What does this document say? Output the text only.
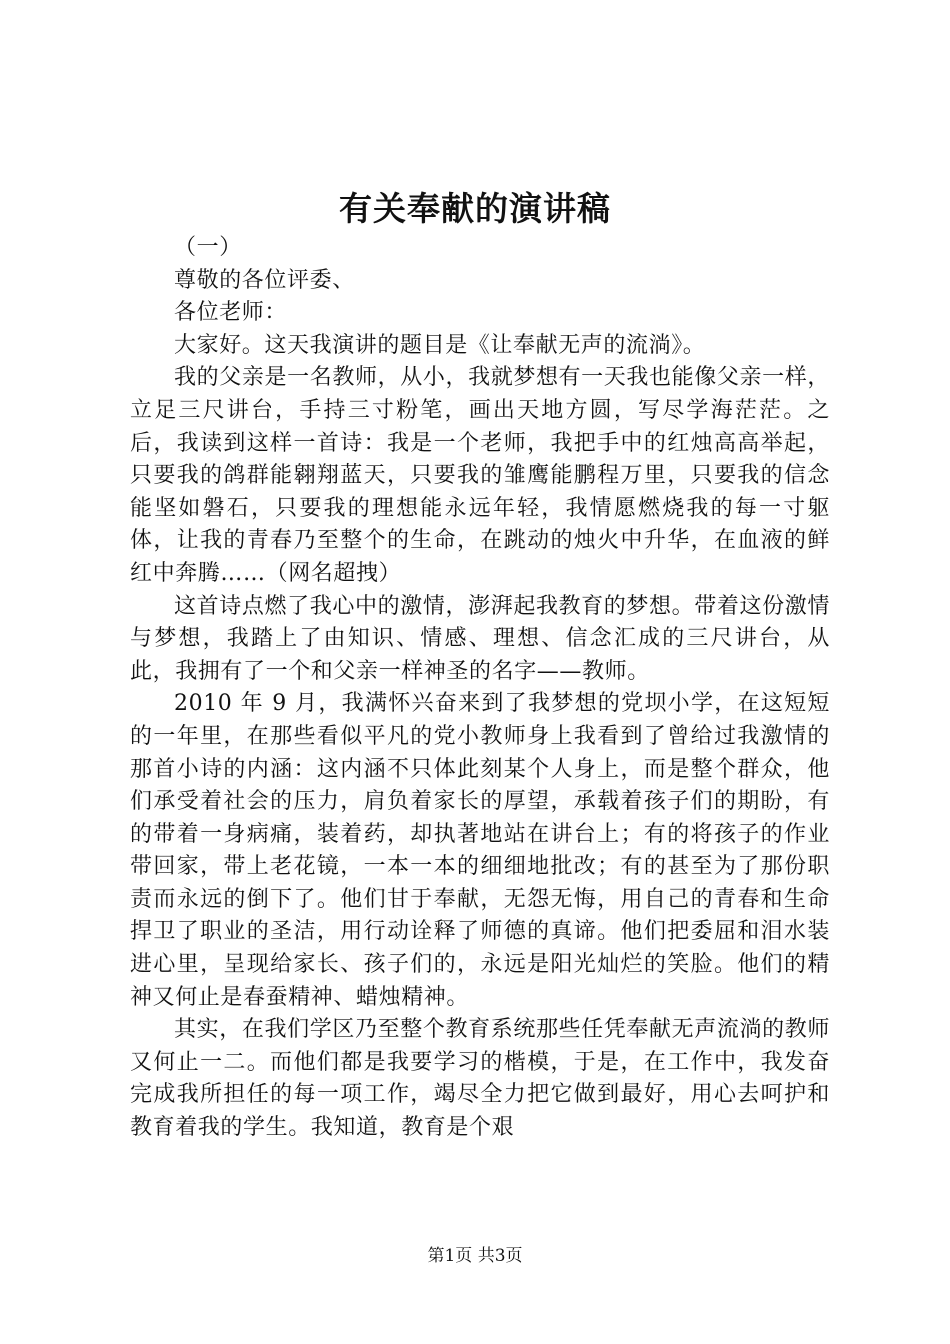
有关奉献的演讲稿

（一）

尊敬的各位评委、

各位老师：

大家好。这天我演讲的题目是《让奉献无声的流淌》。

我的父亲是一名教师，从小，我就梦想有一天我也能像父亲一样，立足三尺讲台，手持三寸粉笔，画出天地方圆，写尽学海茫茫。之后，我读到这样一首诗：我是一个老师，我把手中的红烛高高举起，只要我的鸽群能翱翔蓝天，只要我的雏鹰能鹏程万里，只要我的信念能坚如磐石，只要我的理想能永远年轻，我情愿燃烧我的每一寸躯体，让我的青春乃至整个的生命，在跳动的烛火中升华，在血液的鲜红中奔腾……（网名超拽）

这首诗点燃了我心中的激情，澎湃起我教育的梦想。带着这份激情与梦想，我踏上了由知识、情感、理想、信念汇成的三尺讲台，从此，我拥有了一个和父亲一样神圣的名字——教师。

2010 年 9 月，我满怀兴奋来到了我梦想的党坝小学，在这短短的一年里，在那些看似平凡的党小教师身上我看到了曾给过我激情的那首小诗的内涵：这内涵不只体此刻某个人身上，而是整个群众，他们承受着社会的压力，肩负着家长的厚望，承载着孩子们的期盼，有的带着一身病痛，装着药，却执著地站在讲台上；有的将孩子的作业带回家，带上老花镜，一本一本的细细地批改；有的甚至为了那份职责而永远的倒下了。他们甘于奉献，无怨无悔，用自己的青春和生命捍卫了职业的圣洁，用行动诠释了师德的真谛。他们把委屈和泪水装进心里，呈现给家长、孩子们的，永远是阳光灿烂的笑脸。他们的精神又何止是春蚕精神、蜡烛精神。

其实，在我们学区乃至整个教育系统那些任凭奉献无声流淌的教师又何止一二。而他们都是我要学习的楷模，于是，在工作中，我发奋完成我所担任的每一项工作，竭尽全力把它做到最好，用心去呵护和教育着我的学生。我知道，教育是个艰

第1页 共3页
